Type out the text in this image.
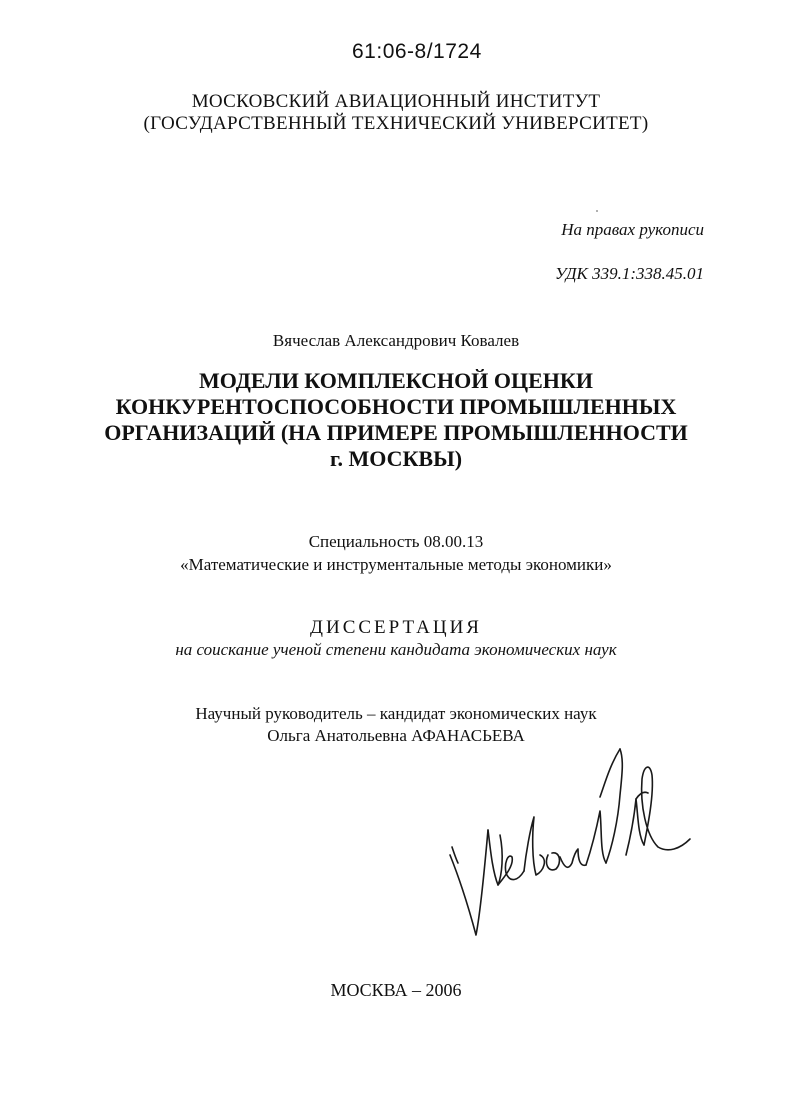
61:06-8/1724
МОСКОВСКИЙ АВИАЦИОННЫЙ ИНСТИТУТ
(ГОСУДАРСТВЕННЫЙ ТЕХНИЧЕСКИЙ УНИВЕРСИТЕТ)
На правах рукописи
УДК 339.1:338.45.01
Вячеслав Александрович Ковалев
МОДЕЛИ КОМПЛЕКСНОЙ ОЦЕНКИ
КОНКУРЕНТОСПОСОБНОСТИ ПРОМЫШЛЕННЫХ
ОРГАНИЗАЦИЙ (НА ПРИМЕРЕ ПРОМЫШЛЕННОСТИ
г. МОСКВЫ)
Специальность 08.00.13
«Математические и инструментальные методы экономики»
ДИССЕРТАЦИЯ
на соискание ученой степени кандидата экономических наук
Научный руководитель – кандидат экономических наук
Ольга Анатольевна АФАНАСЬЕВА
МОСКВА – 2006
